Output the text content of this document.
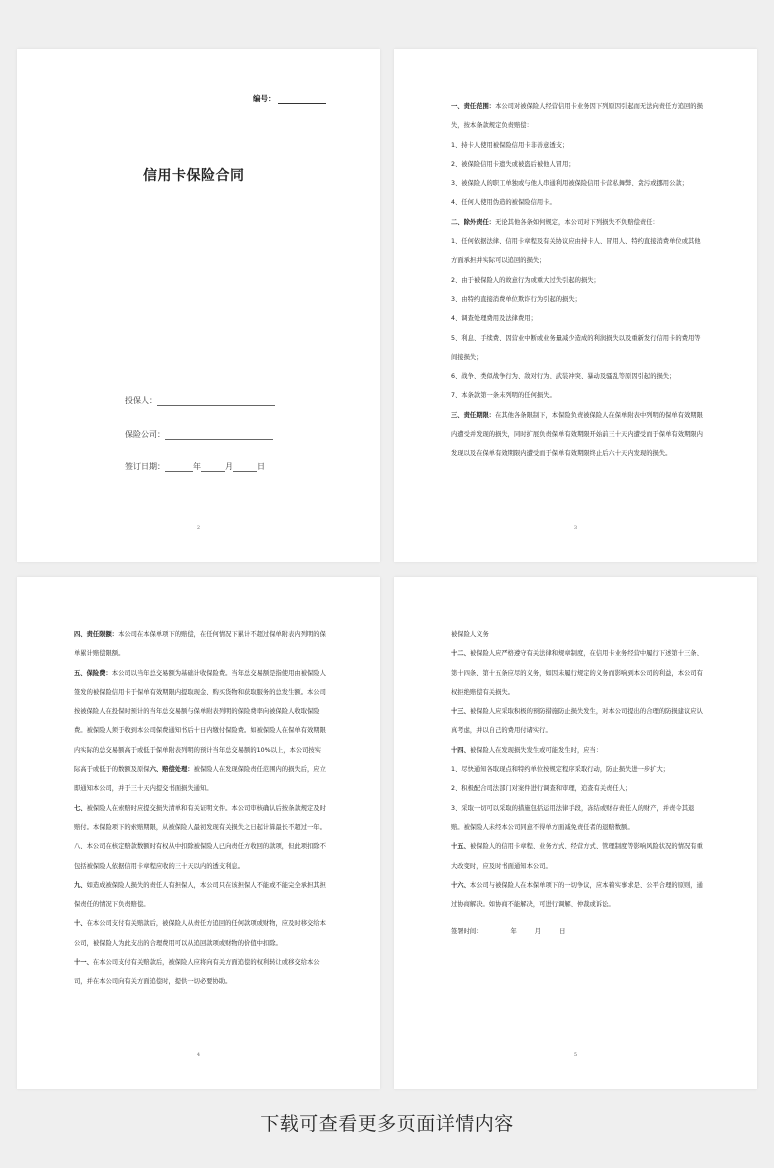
编号：
信用卡保险合同
投保人：
保险公司：
签订日期：	年	月	日
2

一、责任范围：本公司对被保险人经营信用卡业务因下列原因引起而无法向责任方追回的损失，按本条款规定负责赔偿：

1、持卡人使用被保险信用卡非善意透支；

2、被保险信用卡遗失或被盗后被他人冒用；

3、被保险人的职工单独或与他人串通利用被保险信用卡营私舞弊、贪污或挪用公款；

4、任何人使用伪造的被保险信用卡。

二、除外责任：无论其他各条如何规定，本公司对下列损失不负赔偿责任：

1、任何依据法律、信用卡章程及有关协议应由持卡人、冒用人、特约直接消费单位或其他方面承担并实际可以追回的损失；

2、由于被保险人的故意行为或重大过失引起的损失；

3、由特约直接消费单位欺诈行为引起的损失；

4、调查处理费用及法律费用；

5、利息、手续费、因营业中断或业务量减少造成的利润损失以及重新发行信用卡的费用等间接损失；

6、战争、类似战争行为、敌对行为、武装冲突、暴动及骚乱等原因引起的损失；

7、本条款第一条未列明的任何损失。

三、责任期限：在其他各条限制下，本保险负责被保险人在保单附表中列明的保单有效期限内遭受并发现的损失，同时扩展负责保单有效期限开始前三十天内遭受而于保单有效期限内发现以及在保单有效期限内遭受而于保单有效期限终止后六十天内发现的损失。

3

四、责任限额：本公司在本保单项下的赔偿，在任何情况下累计不超过保单附表内列明的保单累计赔偿限额。

五、保险费：本公司以当年总交易额为基础计收保险费。当年总交易额是指使用由被保险人签发的被保险信用卡于保单有效期限内提取现金、购买货物和获取服务的总发生额。本公司按被保险人在投保时预计的当年总交易额与保单附表列明的保险费率向被保险人收取保险费。被保险人须于收到本公司保费通知书后十日内缴付保险费。如被保险人在保单有效期限内实际的总交易额高于或低于保单附表列明的预计当年总交易额的10%以上，本公司按实际高于或低于的数额及原保六、赔偿处理：被保险人在发现保险责任范围内的损失后，应立即通知本公司，并于三十天内提交书面损失通知。

七、被保险人在索赔时应提交损失清单和有关证明文件。本公司审核确认后按条款规定及时赔付。本保险项下的索赔期限，从被保险人最初发现有关损失之日起计算最长不超过一年。

八、本公司在核定赔款数额时有权从中扣除被保险人已向责任方收回的款项，但此项扣除不包括被保险人依据信用卡章程应收的三十天以内的透支利息。

九、如造成被保险人损失的责任人有担保人，本公司只在该担保人不能或不能完全承担其担保责任的情况下负责赔偿。

十、在本公司支付有关赔款后，被保险人从责任方追回的任何款项或财物，应及时移交给本公司，被保险人为此支出的合理费用可以从追回款项或财物的价值中扣除。

十一、在本公司支付有关赔款后，被保险人应将向有关方面追偿的权利转让或移交给本公司，并在本公司向有关方面追偿时，提供一切必要协助。

4

被保险人义务

十二、被保险人应严格遵守有关法律和规章制度，在信用卡业务经营中履行下述第十三条、第十四条、第十五条应尽的义务，如因未履行规定的义务而影响到本公司的利益，本公司有权拒绝赔偿有关损失。

十三、被保险人应采取积极的预防措施防止损失发生，对本公司提出的合理的防损建议应认真考虑，并以自己的费用付诸实行。

十四、被保险人在发现损失发生或可能发生时，应当：

1、尽快通知各取现点和特约单位按规定程序采取行动，防止损失进一步扩大；

2、积极配合司法部门对案件进行调查和审理，追查有关责任人；

3、采取一切可以采取的措施包括运用法律手段，冻结或财存责任人的财产，并责令其退赔。被保险人未经本公司同意不得单方面减免责任者的退赔数额。

十五、被保险人的信用卡章程、业务方式、经营方式、管理制度等影响风险状况的情况有重大改变时，应及时书面通知本公司。

十六、本公司与被保险人在本保单项下的一切争议，应本着实事求是、公平合理的原则，通过协商解决。如协商不能解决，可进行调解、仲裁或诉讼。

签署时间：	年	月	日

5
下载可查看更多页面详情内容
